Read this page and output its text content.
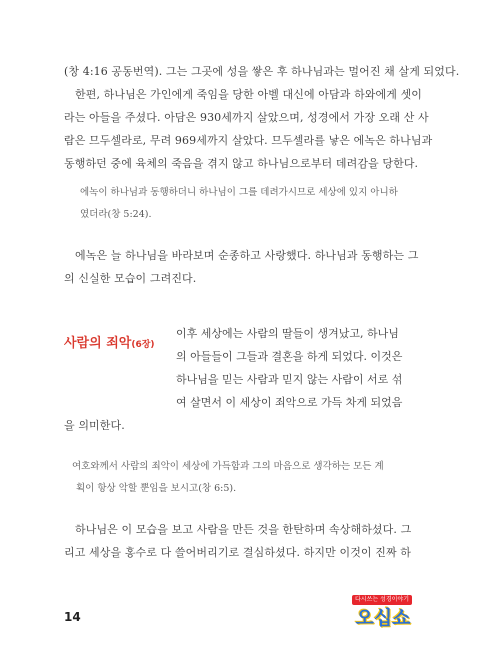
(창 4:16 공동번역). 그는 그곳에 성을 쌓은 후 하나님과는 멀어진 채 살게 되었다.
한편, 하나님은 가인에게 죽임을 당한 아벨 대신에 아담과 하와에게 셋이
라는 아들을 주셨다. 아담은 930세까지 살았으며, 성경에서 가장 오래 산 사
람은 므두셀라로, 무려 969세까지 살았다. 므두셀라를 낳은 에녹은 하나님과
동행하던 중에 육체의 죽음을 겪지 않고 하나님으로부터 데려감을 당한다.
에녹이 하나님과 동행하더니 하나님이 그를 데려가시므로 세상에 있지 아니하
였더라(창 5:24).
에녹은 늘 하나님을 바라보며 순종하고 사랑했다. 하나님과 동행하는 그
의 신실한 모습이 그려진다.
사람의 죄악(6장)
이후 세상에는 사람의 딸들이 생겨났고, 하나님
의 아들들이 그들과 결혼을 하게 되었다. 이것은
하나님을 믿는 사람과 믿지 않는 사람이 서로 섞
여 살면서 이 세상이 죄악으로 가득 차게 되었음
을 의미한다.
여호와께서 사람의 죄악이 세상에 가득함과 그의 마음으로 생각하는 모든 계
획이 항상 악할 뿐임을 보시고(창 6:5).
하나님은 이 모습을 보고 사람을 만든 것을 한탄하며 속상해하셨다. 그
리고 세상을 홍수로 다 쓸어버리기로 결심하셨다. 하지만 이것이 진짜 하
14
다시쓰는 성경이야기
오십쇼
